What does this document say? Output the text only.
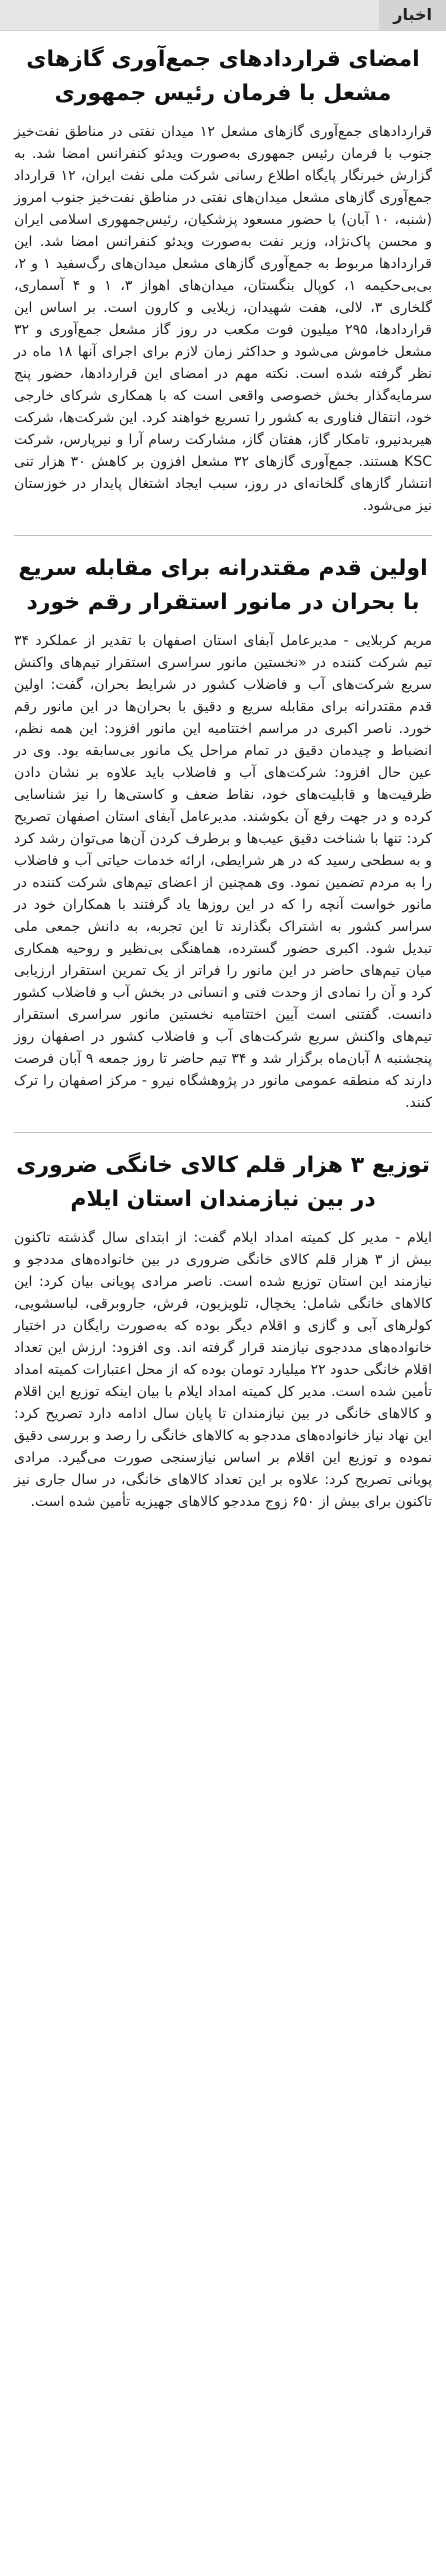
اخبار
امضای قراردادهای جمع‌آوری گازهای مشعل با فرمان رئیس جمهوری

قراردادهای جمع‌آوری گازهای مشعل ۱۲ میدان نفتی در مناطق نفت‌خیز جنوب با فرمان رئیس جمهوری به‌صورت ویدئو کنفرانس امضا شد. به گزارش خبرنگار پایگاه اطلاع رسانی شرکت ملی نفت ایران، ۱۲ قرارداد جمع‌آوری گازهای مشعل میدان‌های نفتی در مناطق نفت‌خیز جنوب امروز (شنبه، ۱۰ آبان) با حضور مسعود پزشکیان، رئیس‌جمهوری اسلامی ایران و محسن پاک‌نژاد، وزیر نفت به‌صورت ویدئو کنفرانس امضا شد. این قراردادها مربوط به جمع‌آوری گازهای مشعل میدان‌های رگ‌سفید ۱ و ۲، بی‌بی‌حکیمه ۱، کوپال بنگستان، میدان‌های اهواز ۳، ۱ و ۴ آسماری، گلخاری ۳، لالی، هفت شهیدان، زیلایی و کارون است. بر اساس این قراردادها، ۲۹۵ میلیون فوت مکعب در روز گاز مشعل جمع‌آوری و ۳۲ مشعل خاموش می‌شود و حداکثر زمان لازم برای اجرای آنها ۱۸ ماه در نظر گرفته شده است. نکته مهم در امضای این قراردادها، حضور پنج سرمایه‌گذار بخش خصوصی واقعی است که با همکاری شرکای خارجی خود، انتقال فناوری به کشور را تسریع خواهند کرد. این شرکت‌ها، شرکت هیربدنیرو، تامکار گاز، هفتان گاز، مشارکت رسام آرا و نیرپارس، شرکت KSC هستند. جمع‌آوری گازهای ۳۲ مشعل افزون بر کاهش ۳۰ هزار تنی انتشار گازهای گلخانه‌ای در روز، سبب ایجاد اشتغال پایدار در خوزستان نیز می‌شود.

اولین قدم مقتدرانه برای مقابله سریع با بحران در مانور استقرار رقم خورد

مریم کربلایی - مدیرعامل آبفای استان اصفهان با تقدیر از عملکرد ۳۴ تیم شرکت کننده در «نخستین مانور سراسری استقرار تیم‌های واکنش سریع شرکت‌های آب و فاضلاب کشور در شرایط بحران، گفت: اولین قدم مقتدرانه برای مقابله سریع و دقیق با بحران‌ها در این مانور رقم خورد. ناصر اکبری در مراسم اختتامیه این مانور افزود: این همه نظم، انضباط و چیدمان دقیق در تمام مراحل یک مانور بی‌سابقه بود. وی در عین حال افزود: شرکت‌های آب و فاضلاب باید علاوه بر نشان دادن ظرفیت‌ها و قابلیت‌های خود، نقاط ضعف و کاستی‌ها را نیز شناسایی کرده و در جهت رفع آن بکوشند. مدیرعامل آبفای استان اصفهان تصریح کرد: تنها با شناخت دقیق عیب‌ها و برطرف کردن آن‌ها می‌توان رشد کرد و به سطحی رسید که در هر شرایطی، ارائه خدمات حیاتی آب و فاضلاب را به مردم تضمین نمود. وی همچنین از اعضای تیم‌های شرکت کننده در مانور خواست آنچه را که در این روزها یاد گرفتند با همکاران خود در سراسر کشور به اشتراک بگذارند تا این تجربه، به دانش جمعی ملی تبدیل شود. اکبری حضور گسترده، هماهنگی بی‌نظیر و روحیه همکاری میان تیم‌های حاضر در این مانور را فراتر از یک تمرین استقرار ارزیابی کرد و آن را نمادی از وحدت فنی و انسانی در بخش آب و فاضلاب کشور دانست. گفتنی است آیین اختتامیه نخستین مانور سراسری استقرار تیم‌های واکنش سریع شرکت‌های آب و فاضلاب کشور در اصفهان روز پنجشنبه ۸ آبان‌ماه برگزار شد و ۳۴ تیم حاضر تا روز جمعه ۹ آبان فرصت دارند که منطقه عمومی مانور در پژوهشگاه نیرو - مرکز اصفهان را ترک کنند.

توزیع ۳ هزار قلم کالای خانگی ضروری در بین نیازمندان استان ایلام

ایلام - مدیر کل کمیته امداد ایلام گفت: از ابتدای سال گذشته تاکنون بیش از ۳ هزار قلم کالای خانگی ضروری در بین خانواده‌های مددجو و نیازمند این استان توزیع شده است. ناصر مرادی پویانی بیان کرد: این کالاهای خانگی شامل: یخچال، تلویزیون، فرش، جاروبرقی، لباسشویی، کولرهای آبی و گازی و اقلام دیگر بوده که به‌صورت رایگان در اختیار خانواده‌های مددجوی نیازمند قرار گرفته اند. وی افزود: ارزش این تعداد اقلام خانگی حدود ۲۲ میلیارد تومان بوده که از محل اعتبارات کمیته امداد تأمین شده است. مدیر کل کمیته امداد ایلام با بیان اینکه توزیع این اقلام و کالاهای خانگی در بین نیازمندان تا پایان سال ادامه دارد تصریح کرد: این نهاد نیاز خانواده‌های مددجو به کالاهای خانگی را رصد و بررسی دقیق نموده و توزیع این اقلام بر اساس نیازسنجی صورت می‌گیرد. مرادی پویانی تصریح کرد: علاوه بر این تعداد کالاهای خانگی، در سال جاری نیز تاکنون برای بیش از ۶۵۰ زوج مددجو کالاهای جهیزیه تأمین شده است.
